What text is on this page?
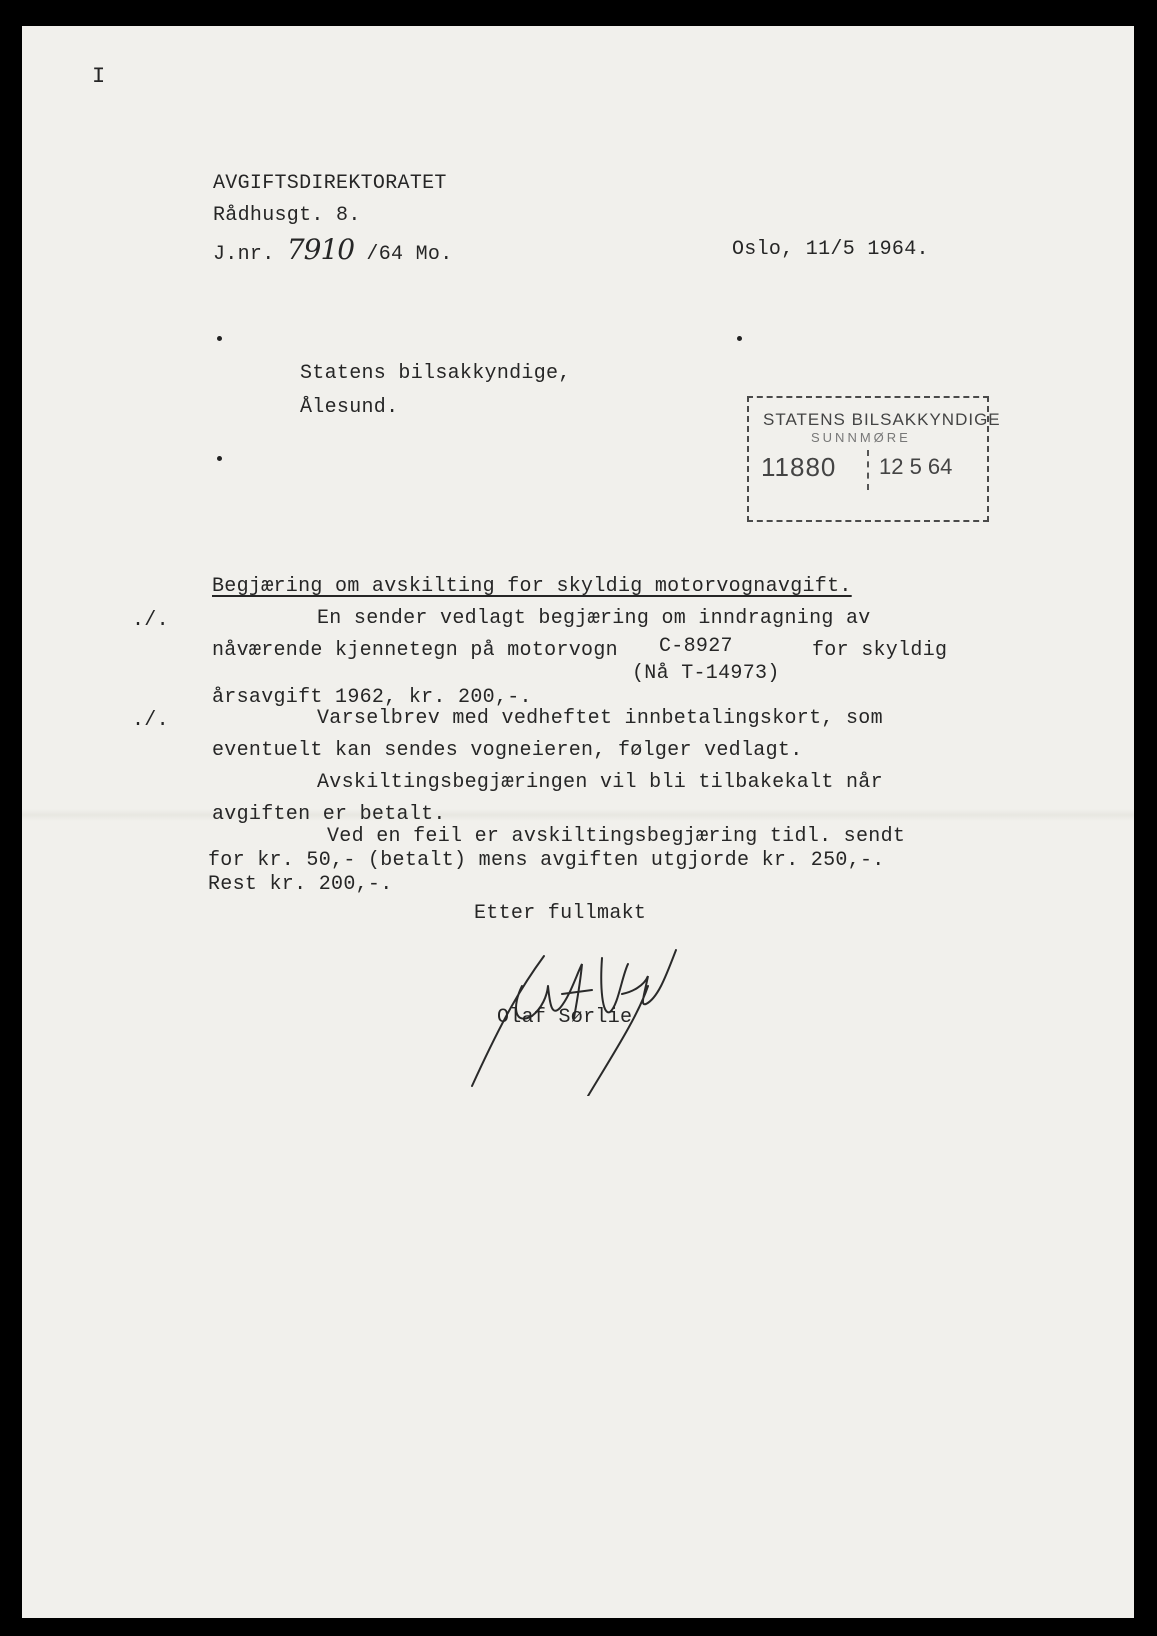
I
AVGIFTSDIREKTORATET
Rådhusgt. 8.
J.nr. 7910 /64 Mo.	Oslo, 11/5 1964.
Statens bilsakkyndige,
Ålesund.
STATENS BILSAKKYNDIGE
SUNNMØRE
11880 12 5 64
Begjæring om avskilting for skyldig motorvognavgift.
./.	En sender vedlagt begjæring om inndragning av
nåværende kjennetegn på motorvogn C-8927	for skyldig
(Nå T-14973)
årsavgift 1962, kr. 200,-.
./.	Varselbrev med vedheftet innbetalingskort, som
eventuelt kan sendes vogneieren, følger vedlagt.
Avskiltingsbegjæringen vil bli tilbakekalt når
avgiften er betalt.
Ved en feil er avskiltingsbegjæring tidl. sendt
for kr. 50,- (betalt) mens avgiften utgjorde kr. 250,-.
Rest kr. 200,-.
Etter fullmakt
Olaf Sørlie
